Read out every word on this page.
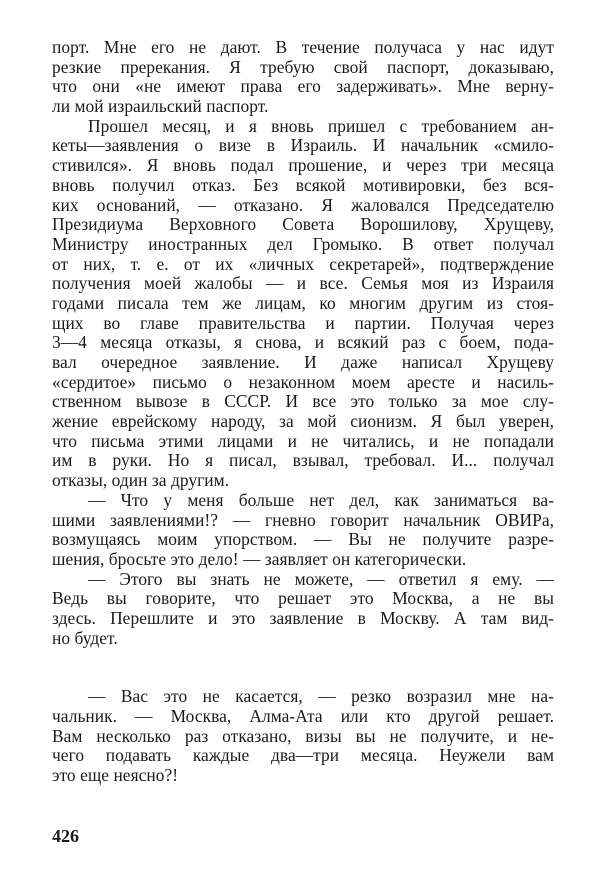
порт. Мне его не дают. В течение получаса у нас идут
резкие пререкания. Я требую свой паспорт, доказываю,
что они «не имеют права его задерживать». Мне верну-
ли мой израильский паспорт.
Прошел месяц, и я вновь пришел с требованием ан-
кеты—заявления о визе в Израиль. И начальник «смило-
стивился». Я вновь подал прошение, и через три месяца
вновь получил отказ. Без всякой мотивировки, без вся-
ких оснований, — отказано. Я жаловался Председателю
Президиума Верховного Совета Ворошилову, Хрущеву,
Министру иностранных дел Громыко. В ответ получал
от них, т. е. от их «личных секретарей», подтверждение
получения моей жалобы — и все. Семья моя из Израиля
годами писала тем же лицам, ко многим другим из стоя-
щих во главе правительства и партии. Получая через
3—4 месяца отказы, я снова, и всякий раз с боем, пода-
вал очередное заявление. И даже написал Хрущеву
«сердитое» письмо о незаконном моем аресте и насиль-
ственном вывозе в СССР. И все это только за мое слу-
жение еврейскому народу, за мой сионизм. Я был уверен,
что письма этими лицами и не читались, и не попадали
им в руки. Но я писал, взывал, требовал. И... получал
отказы, один за другим.
— Что у меня больше нет дел, как заниматься ва-
шими заявлениями!? — гневно говорит начальник ОВИРа,
возмущаясь моим упорством. — Вы не получите разре-
шения, бросьте это дело! — заявляет он категорически.
— Этого вы знать не можете, — ответил я ему. —
Ведь вы говорите, что решает это Москва, а не вы
здесь. Перешлите и это заявление в Москву. А там вид-
но будет.
— Вас это не касается, — резко возразил мне на-
чальник. — Москва, Алма-Ата или кто другой решает.
Вам несколько раз отказано, визы вы не получите, и не-
чего подавать каждые два—три месяца. Неужели вам
это еще неясно?!
426
